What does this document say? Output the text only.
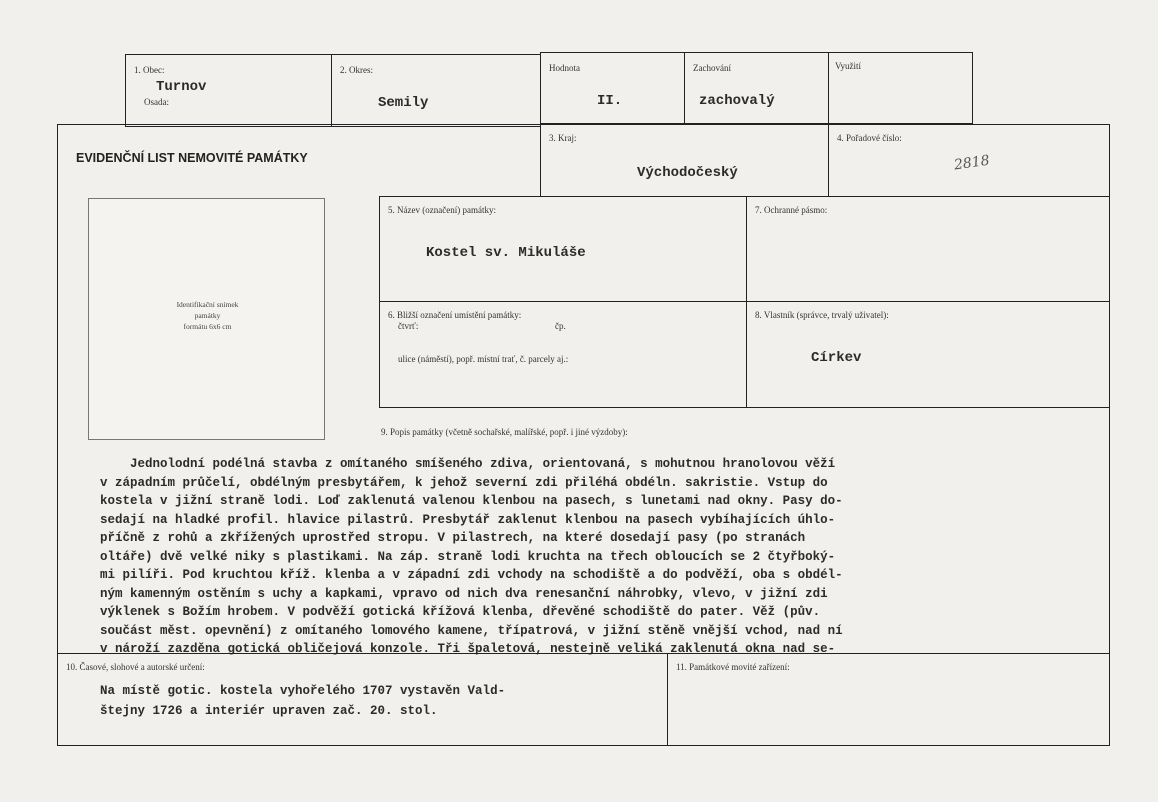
1. Obec:
Turnov
Osada:
2. Okres:
Semily
Hodnota
II.
Zachování
zachovalý
Využití
EVIDENČNÍ LIST NEMOVITÉ PAMÁTKY
3. Kraj:
Východočeský
4. Pořadové číslo:
2818
Identifikační snímek
památky
formátu 6x6 cm
5. Název (označení) památky:
Kostel sv. Mikuláše
7. Ochranné pásmo:
6. Bližší označení umístění památky:
čtvrť:	čp.
ulice (náměstí), popř. místní trať, č. parcely aj.:
8. Vlastník (správce, trvalý uživatel):
Církev
9. Popis památky (včetně sochařské, malířské, popř. i jiné výzdoby):
Jednolodní podélná stavba z omítaného smíšeného zdiva, orientovaná, s mohutnou hranolovou věží
v západním průčelí, obdélným presbytářem, k jehož severní zdi přiléhá obdéln. sakristie. Vstup do
kostela v jižní straně lodi. Loď zaklenutá valenou klenbou na pasech, s lunetami nad okny. Pasy do-
sedají na hladké profil. hlavice pilastrů. Presbytář zaklenut klenbou na pasech vybíhajících úhlo-
příčně z rohů a zkřížených uprostřed stropu. V pilastrech, na které dosedají pasy (po stranách
oltáře) dvě velké niky s plastikami. Na záp. straně lodi kruchta na třech obloucích se 2 čtyřboký-
mi pilíři. Pod kruchtou kříž. klenba a v západní zdi vchody na schodiště a do podvěží, oba s obdél-
ným kamenným ostěním s uchy a kapkami, vpravo od nich dva renesanční náhrobky, vlevo, v jižní zdi
výklenek s Božím hrobem. V podvěží gotická křížová klenba, dřevěné schodiště do pater. Věž (pův.
součást měst. opevnění) z omítaného lomového kamene, třípatrová, v jižní stěně vnější vchod, nad ní
v nároží zazděna gotická obličejová konzole. Tři špaletová, nestejně veliká zaklenutá okna nad se-
10. Časové, slohové a autorské určení:
Na místě gotic. kostela vyhořelého 1707 vystavěn Vald-
štejny 1726 a interiér upraven zač. 20. stol.
11. Památkové movité zařízení:
